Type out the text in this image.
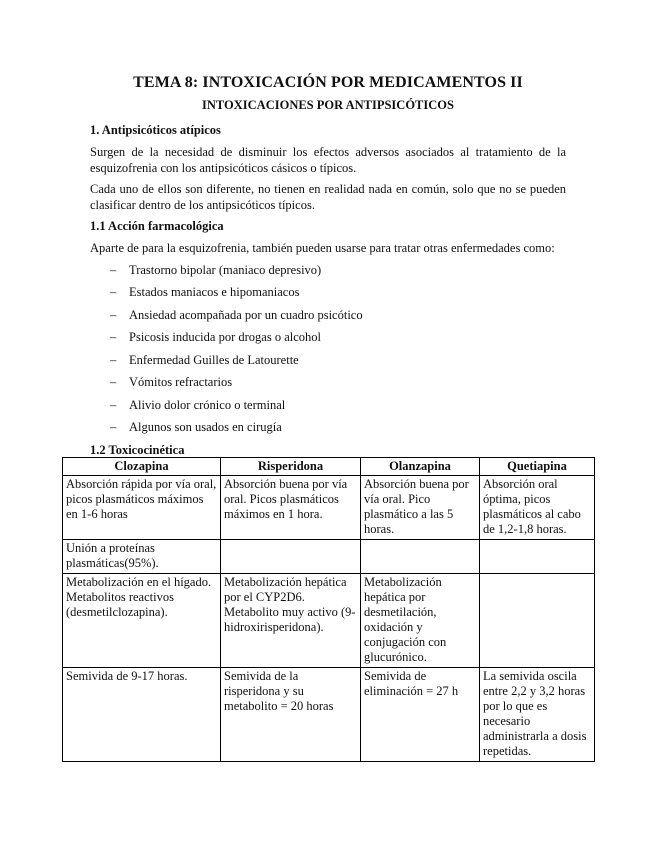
TEMA 8: INTOXICACIÓN POR MEDICAMENTOS II
INTOXICACIONES POR ANTIPSICÓTICOS
1. Antipsicóticos atípicos

Surgen de la necesidad de disminuir los efectos adversos asociados al tratamiento de la esquizofrenia con los antipsicóticos cásicos o típicos.

Cada uno de ellos son diferente, no tienen en realidad nada en común, solo que no se pueden clasificar dentro de los antipsicóticos típicos.

1.1 Acción farmacológica

Aparte de para la esquizofrenia, también pueden usarse para tratar otras enfermedades como:

– Trastorno bipolar (maniaco depresivo)
– Estados maniacos e hipomaniacos
– Ansiedad acompañada por un cuadro psicótico
– Psicosis inducida por drogas o alcohol
– Enfermedad Guilles de Latourette
– Vómitos refractarios
– Alivio dolor crónico o terminal
– Algunos son usados en cirugía
1.2 Toxicocinética
Clozapina	Risperidona	Olanzapina	Quetiapina
Absorción rápida por vía oral, picos plasmáticos máximos en 1-6 horas	Absorción buena por vía oral. Picos plasmáticos máximos en 1 hora.	Absorción buena por vía oral. Pico plasmático a las 5 horas.	Absorción oral óptima, picos plasmáticos al cabo de 1,2-1,8 horas.
Unión a proteínas plasmáticas(95%).			
Metabolización en el hígado. Metabolitos reactivos (desmetilclozapina).	Metabolización hepática por el CYP2D6. Metabolito muy activo (9- hidroxirisperidona).	Metabolización hepática por desmetilación, oxidación y conjugación con glucurónico.	
Semivida de 9-17 horas.	Semivida de la risperidona y su metabolito = 20 horas	Semivida de eliminación = 27 h	La semivida oscila entre 2,2 y 3,2 horas por lo que es necesario administrarla a dosis repetidas.
